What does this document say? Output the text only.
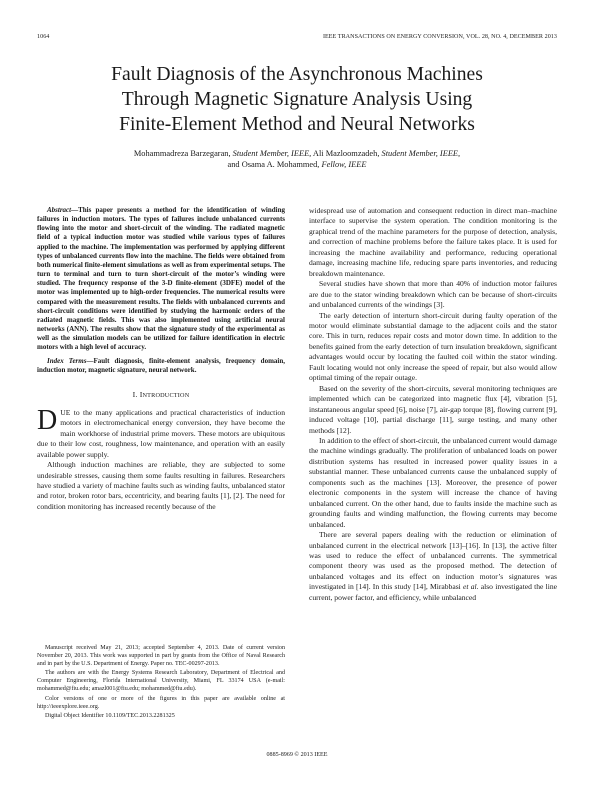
1064	IEEE TRANSACTIONS ON ENERGY CONVERSION, VOL. 28, NO. 4, DECEMBER 2013
Fault Diagnosis of the Asynchronous Machines
Through Magnetic Signature Analysis Using
Finite-Element Method and Neural Networks
Mohammadreza Barzegaran, Student Member, IEEE, Ali Mazloomzadeh, Student Member, IEEE,
and Osama A. Mohammed, Fellow, IEEE

Abstract—This paper presents a method for the identification of winding failures in induction motors. The types of failures include unbalanced currents flowing into the motor and short-circuit of the winding. The radiated magnetic field of a typical induction motor was studied while various types of failures applied to the machine. The implementation was performed by applying different types of unbalanced currents flow into the machine. The fields were obtained from both numerical finite-element simulations as well as from experimental setups. The turn to terminal and turn to turn short-circuit of the motor’s winding were studied. The frequency response of the 3-D finite-element (3DFE) model of the motor was implemented up to high-order frequencies. The numerical results were compared with the measurement results. The fields with unbalanced currents and short-circuit conditions were identified by studying the harmonic orders of the radiated magnetic fields. This was also implemented using artificial neural networks (ANN). The results show that the signature study of the experimental as well as the simulation models can be utilized for failure identification in electric motors with a high level of accuracy.

Index Terms—Fault diagnosis, finite-element analysis, frequency domain, induction motor, magnetic signature, neural network.

I. INTRODUCTION

DUE to the many applications and practical characteristics of induction motors in electromechanical energy conversion, they have become the main workhorse of industrial prime movers. These motors are ubiquitous due to their low cost, roughness, low maintenance, and operation with an easily available power supply.

Although induction machines are reliable, they are subjected to some undesirable stresses, causing them some faults resulting in failures. Researchers have studied a variety of machine faults such as winding faults, unbalanced stator and rotor, broken rotor bars, eccentricity, and bearing faults [1], [2]. The need for condition monitoring has increased recently because of the

Manuscript received May 21, 2013; accepted September 4, 2013. Date of current version November 20, 2013. This work was supported in part by grants from the Office of Naval Research and in part by the U.S. Department of Energy. Paper no. TEC-00297-2013.

The authors are with the Energy Systems Research Laboratory, Department of Electrical and Computer Engineering, Florida International University, Miami, FL 33174 USA (e-mail: mohammed@fiu.edu; amazl001@fiu.edu; mohammed@fiu.edu).

Color versions of one or more of the figures in this paper are available online at http://ieeexplore.ieee.org.

Digital Object Identifier 10.1109/TEC.2013.2281325

widespread use of automation and consequent reduction in direct man–machine interface to supervise the system operation. The condition monitoring is the graphical trend of the machine parameters for the purpose of detection, analysis, and correction of machine problems before the failure takes place. It is used for increasing the machine availability and performance, reducing operational damage, increasing machine life, reducing spare parts inventories, and reducing breakdown maintenance.

Several studies have shown that more than 40% of induction motor failures are due to the stator winding breakdown which can be because of short-circuits and unbalanced currents of the windings [3].

The early detection of interturn short-circuit during faulty operation of the motor would eliminate substantial damage to the adjacent coils and the stator core. This in turn, reduces repair costs and motor down time. In addition to the benefits gained from the early detection of turn insulation breakdown, significant advantages would occur by locating the faulted coil within the stator winding. Fault locating would not only increase the speed of repair, but also would allow optimal timing of the repair outage.

Based on the severity of the short-circuits, several monitoring techniques are implemented which can be categorized into magnetic flux [4], vibration [5], instantaneous angular speed [6], noise [7], air-gap torque [8], flowing current [9], induced voltage [10], partial discharge [11], surge testing, and many other methods [12].

In addition to the effect of short-circuit, the unbalanced current would damage the machine windings gradually. The proliferation of unbalanced loads on power distribution systems has resulted in increased power quality issues in a substantial manner. These unbalanced currents cause the unbalanced supply of components such as the machines [13]. Moreover, the presence of power electronic components in the system will increase the chance of having unbalanced current. On the other hand, due to faults inside the machine such as grounding faults and winding malfunction, the flowing currents may become unbalanced.

There are several papers dealing with the reduction or elimination of unbalanced current in the electrical network [13]–[16]. In [13], the active filter was used to reduce the effect of unbalanced currents. The symmetrical component theory was used as the proposed method. The detection of unbalanced voltages and its effect on induction motor’s signatures was investigated in [14]. In this study [14], Mirabbasi et al. also investigated the line current, power factor, and efficiency, while unbalanced

0885-8969 © 2013 IEEE
